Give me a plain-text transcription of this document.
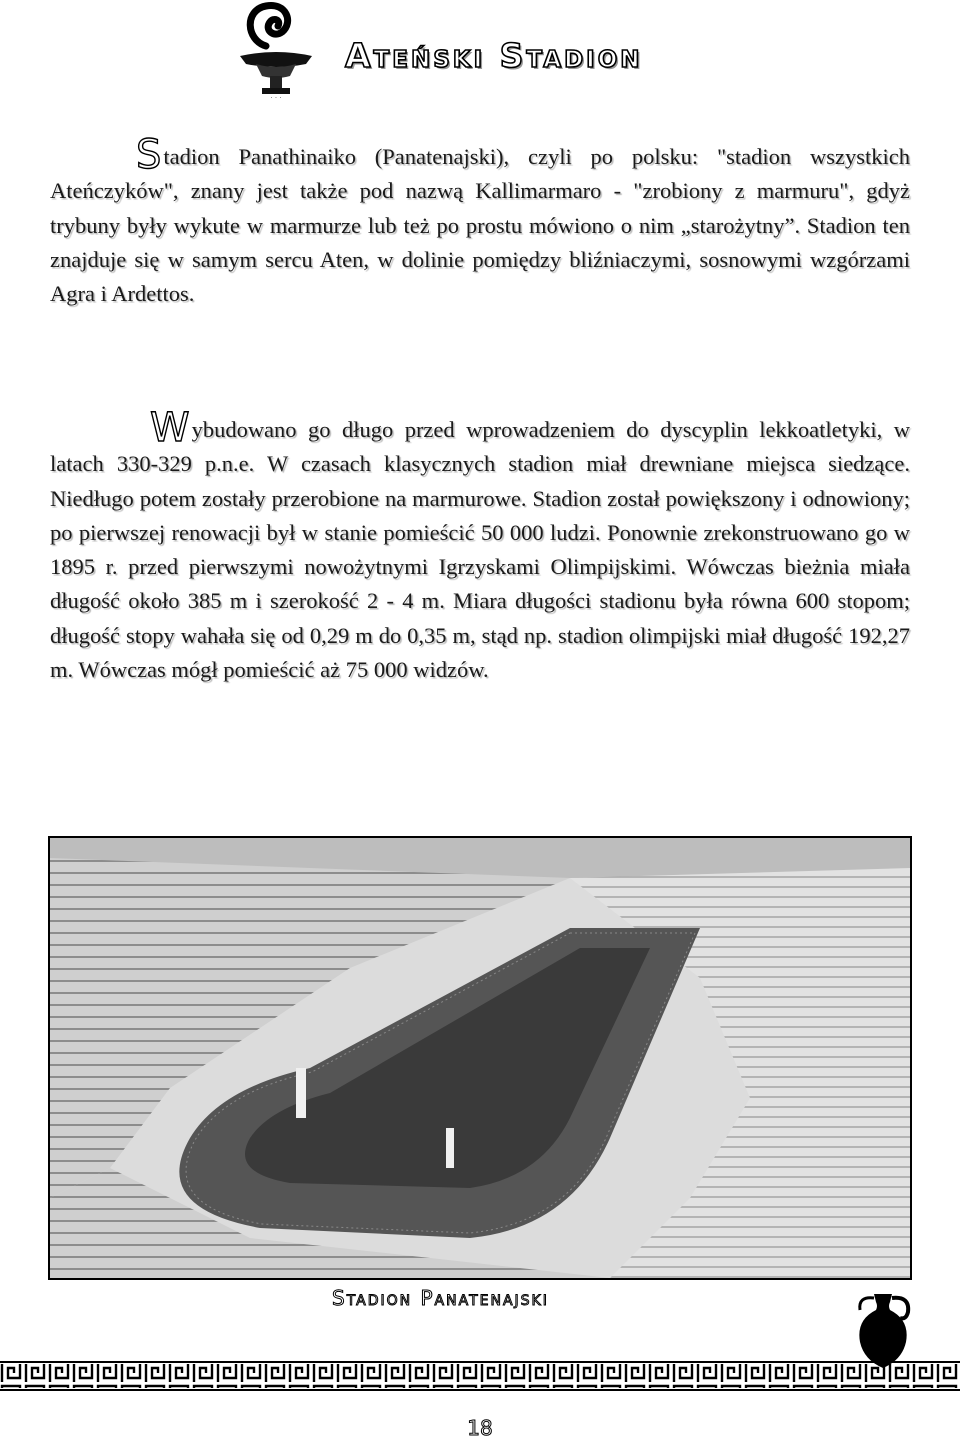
· · ·
Ateński Stadion
Stadion Panathinaiko (Panatenajski), czyli po polsku: "stadion wszystkich Ateńczyków", znany jest także pod nazwą Kallimarmaro - "zrobiony z marmuru", gdyż trybuny były wykute w marmurze lub też po prostu mówiono o nim „starożytny”. Stadion ten znajduje się w samym sercu Aten, w dolinie pomiędzy bliźniaczymi, sosnowymi wzgórzami Agra i Ardettos.
Wybudowano go długo przed wprowadzeniem do dyscyplin lekkoatletyki, w latach 330-329 p.n.e. W czasach klasycznych stadion miał drewniane miejsca siedzące. Niedługo potem zostały przerobione na marmurowe. Stadion został powiększony i odnowiony; po pierwszej renowacji był w stanie pomieścić 50 000 ludzi. Ponownie zrekonstruowano go w 1895 r. przed pierwszymi nowożytnymi Igrzyskami Olimpijskimi. Wówczas bieżnia miała długość około 385 m i szerokość 2 - 4 m. Miara długości stadionu była równa 600 stopom; długość stopy wahała się od 0,29 m do 0,35 m, stąd np. stadion olimpijski miał długość 192,27 m. Wówczas mógł pomieścić aż 75 000 widzów.
Stadion Panatenajski
18
